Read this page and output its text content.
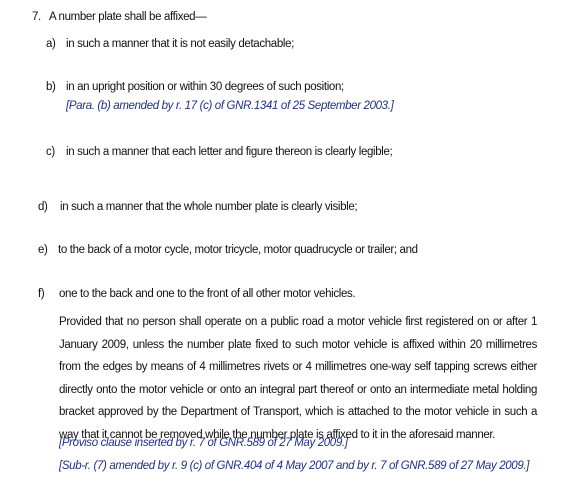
7. A number plate shall be affixed—
a) in such a manner that it is not easily detachable;
b) in an upright position or within 30 degrees of such position;
[Para. (b) amended by r. 17 (c) of GNR.1341 of 25 September 2003.]
c) in such a manner that each letter and figure thereon is clearly legible;
d) in such a manner that the whole number plate is clearly visible;
e) to the back of a motor cycle, motor tricycle, motor quadrucycle or trailer; and
f) one to the back and one to the front of all other motor vehicles.
Provided that no person shall operate on a public road a motor vehicle first registered on or after 1 January 2009, unless the number plate fixed to such motor vehicle is affixed within 20 millimetres from the edges by means of 4 millimetres rivets or 4 millimetres one-way self tapping screws either directly onto the motor vehicle or onto an integral part thereof or onto an intermediate metal holding bracket approved by the Department of Transport, which is attached to the motor vehicle in such a way that it cannot be removed while the number plate is affixed to it in the aforesaid manner.
[Proviso clause inserted by r. 7 of GNR.589 of 27 May 2009.]
[Sub-r. (7) amended by r. 9 (c) of GNR.404 of 4 May 2007 and by r. 7 of GNR.589 of 27 May 2009.]
